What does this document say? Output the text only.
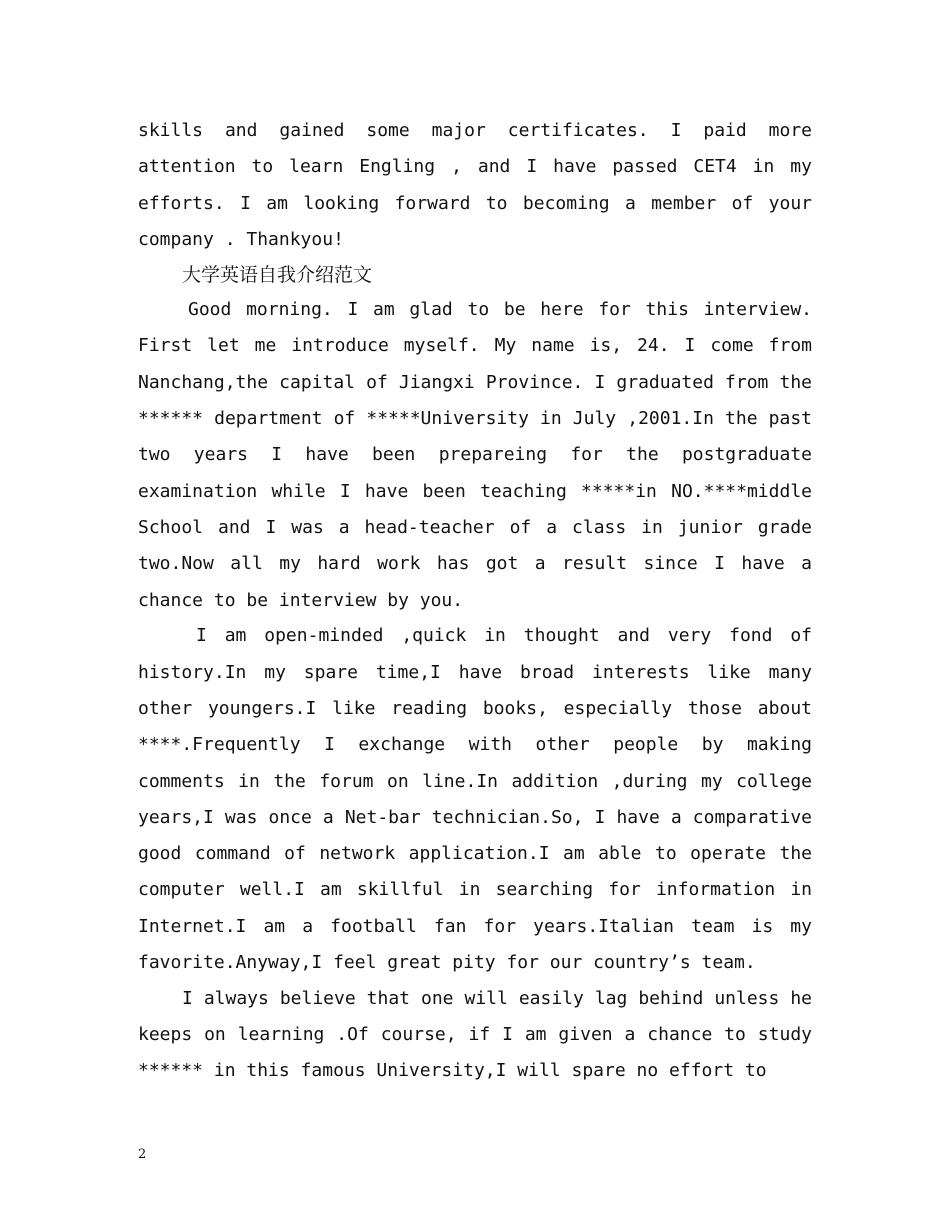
skills and gained some major certificates. I paid more attention to learn Engling , and I have passed CET4 in my efforts. I am looking forward to becoming a member of your company . Thankyou!

大学英语自我介绍范文

Good morning. I am glad to be here for this interview. First let me introduce myself. My name is, 24. I come from Nanchang,the capital of Jiangxi Province. I graduated from the ****** department of *****University in July ,2001.In the past two years I have been prepareing for the postgraduate examination while I have been teaching *****in NO.****middle School and I was a head-teacher of a class in junior grade two.Now all my hard work has got a result since I have a chance to be interview by you.

I am open-minded ,quick in thought and very fond of history.In my spare time,I have broad interests like many other youngers.I like reading books, especially those about ****.Frequently I exchange with other people by making comments in the forum on line.In addition ,during my college years,I was once a Net-bar technician.So, I have a comparative good command of network application.I am able to operate the computer well.I am skillful in searching for information in Internet.I am a football fan for years.Italian team is my favorite.Anyway,I feel great pity for our country’s team.

I always believe that one will easily lag behind unless he keeps on learning .Of course, if I am given a chance to study ****** in this famous University,I will spare no effort to

2
